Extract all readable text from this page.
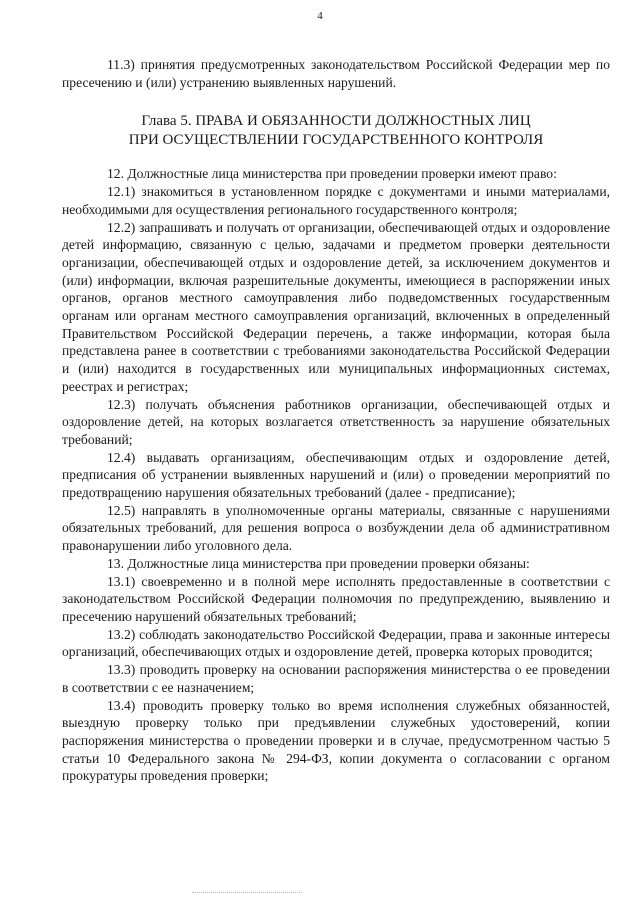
4

11.3) принятия предусмотренных законодательством Российской Федерации мер по пресечению и (или) устранению выявленных нарушений.

Глава 5. ПРАВА И ОБЯЗАННОСТИ ДОЛЖНОСТНЫХ ЛИЦ
ПРИ ОСУЩЕСТВЛЕНИИ ГОСУДАРСТВЕННОГО КОНТРОЛЯ

12. Должностные лица министерства при проведении проверки имеют право:

12.1) знакомиться в установленном порядке с документами и иными материалами, необходимыми для осуществления регионального государственного контроля;

12.2) запрашивать и получать от организации, обеспечивающей отдых и оздоровление детей информацию, связанную с целью, задачами и предметом проверки деятельности организации, обеспечивающей отдых и оздоровление детей, за исключением документов и (или) информации, включая разрешительные документы, имеющиеся в распоряжении иных органов, органов местного самоуправления либо подведомственных государственным органам или органам местного самоуправления организаций, включенных в определенный Правительством Российской Федерации перечень, а также информации, которая была представлена ранее в соответствии с требованиями законодательства Российской Федерации и (или) находится в государственных или муниципальных информационных системах, реестрах и регистрах;

12.3) получать объяснения работников организации, обеспечивающей отдых и оздоровление детей, на которых возлагается ответственность за нарушение обязательных требований;

12.4) выдавать организациям, обеспечивающим отдых и оздоровление детей, предписания об устранении выявленных нарушений и (или) о проведении мероприятий по предотвращению нарушения обязательных требований (далее - предписание);

12.5) направлять в уполномоченные органы материалы, связанные с нарушениями обязательных требований, для решения вопроса о возбуждении дела об административном правонарушении либо уголовного дела.

13. Должностные лица министерства при проведении проверки обязаны:

13.1) своевременно и в полной мере исполнять предоставленные в соответствии с законодательством Российской Федерации полномочия по предупреждению, выявлению и пресечению нарушений обязательных требований;

13.2) соблюдать законодательство Российской Федерации, права и законные интересы организаций, обеспечивающих отдых и оздоровление детей, проверка которых проводится;

13.3) проводить проверку на основании распоряжения министерства о ее проведении в соответствии с ее назначением;

13.4) проводить проверку только во время исполнения служебных обязанностей, выездную проверку только при предъявлении служебных удостоверений, копии распоряжения министерства о проведении проверки и в случае, предусмотренном частью 5 статьи 10 Федерального закона № 294-ФЗ, копии документа о согласовании с органом прокуратуры проведения проверки;
